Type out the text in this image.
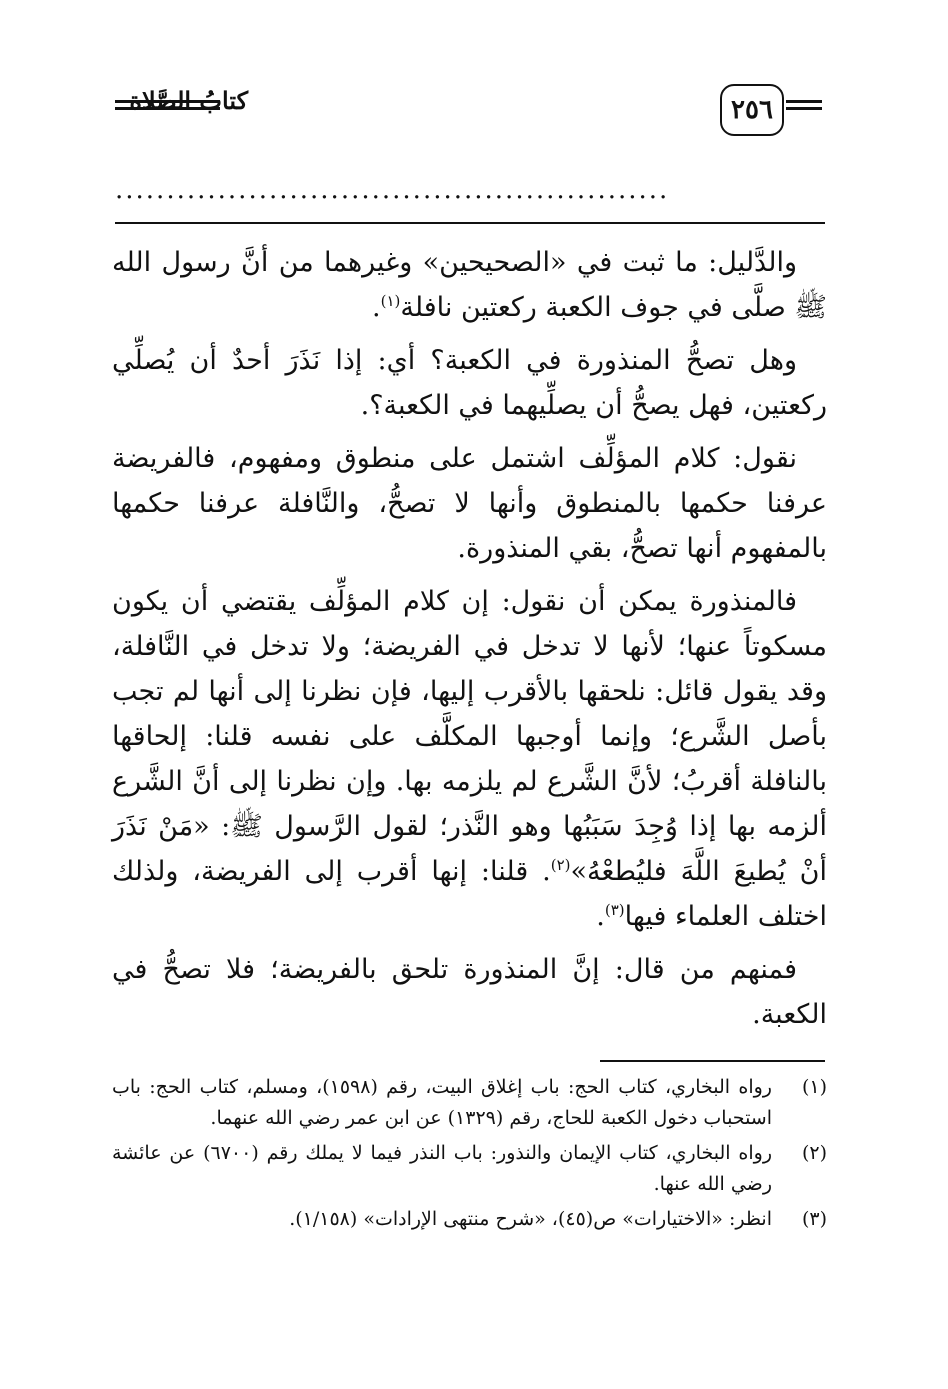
كتابُ الصَّلاة	٢٥٦
......................................................

والدَّليل: ما ثبت في «الصحيحين» وغيرهما من أنَّ رسول الله ﷺ صلَّى في جوف الكعبة ركعتين نافلة$^{(١)}$.

وهل تصحُّ المنذورة في الكعبة؟ أي: إذا نَذَرَ أحدٌ أن يُصلِّي ركعتين، فهل يصحُّ أن يصلِّيهما في الكعبة؟.

نقول: كلام المؤلِّف اشتمل على منطوق ومفهوم، فالفريضة عرفنا حكمها بالمنطوق وأنها لا تصحُّ، والنَّافلة عرفنا حكمها بالمفهوم أنها تصحُّ، بقي المنذورة.

فالمنذورة يمكن أن نقول: إن كلام المؤلِّف يقتضي أن يكون مسكوتاً عنها؛ لأنها لا تدخل في الفريضة؛ ولا تدخل في النَّافلة، وقد يقول قائل: نلحقها بالأقرب إليها، فإن نظرنا إلى أنها لم تجب بأصل الشَّرع؛ وإنما أوجبها المكلَّف على نفسه قلنا: إلحاقها بالنافلة أقربُ؛ لأنَّ الشَّرع لم يلزمه بها. وإن نظرنا إلى أنَّ الشَّرع ألزمه بها إذا وُجِدَ سَبَبُها وهو النَّذر؛ لقول الرَّسول ﷺ: «مَنْ نَذَرَ أنْ يُطيعَ اللَّهَ فليُطعْهُ»$^{(٢)}$. قلنا: إنها أقرب إلى الفريضة، ولذلك اختلف العلماء فيها$^{(٣)}$.

فمنهم من قال: إنَّ المنذورة تلحق بالفريضة؛ فلا تصحُّ في الكعبة.

(١)
رواه البخاري، كتاب الحج: باب إغلاق البيت، رقم (١٥٩٨)، ومسلم، كتاب الحج: باب استحباب دخول الكعبة للحاج، رقم (١٣٢٩) عن ابن عمر رضي الله عنهما.
(٢)
رواه البخاري، كتاب الإيمان والنذور: باب النذر فيما لا يملك رقم (٦٧٠٠) عن عائشة رضي الله عنها.
(٣)
انظر: «الاختيارات» ص(٤٥)، «شرح منتهى الإرادات» (١/١٥٨).
